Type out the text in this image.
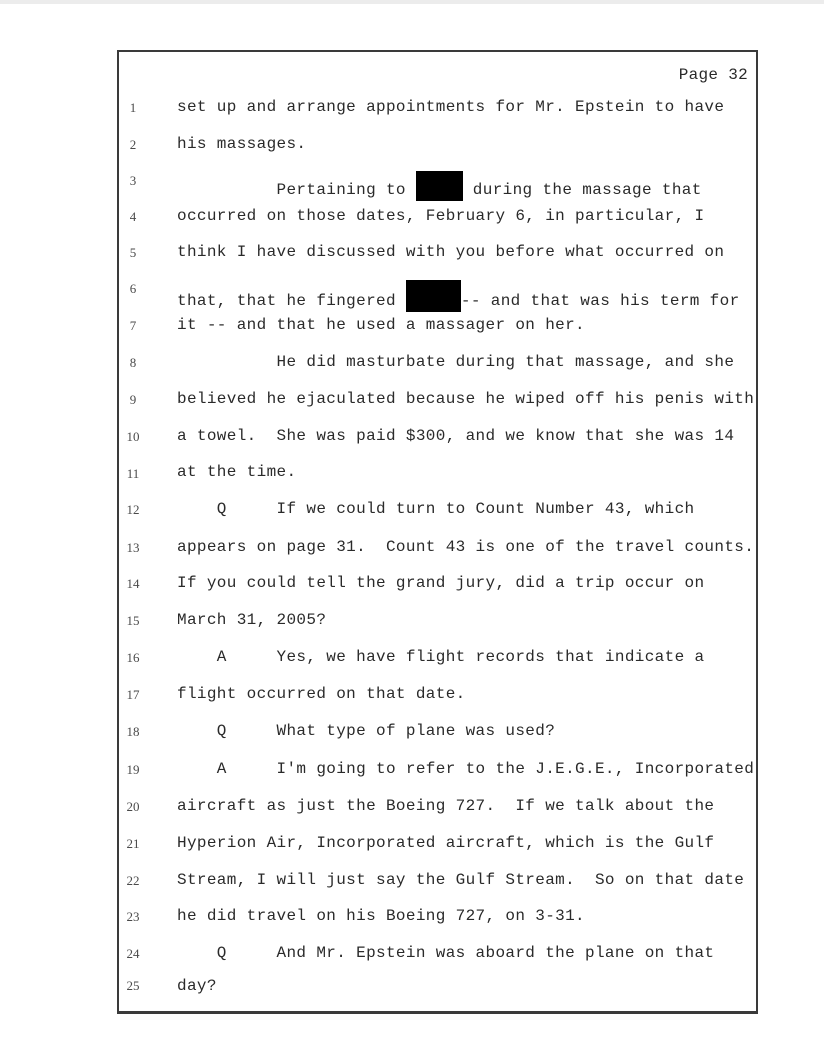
Page 32
1
2
3
4
5
6
7
8
9
10
11
12
13
14
15
16
17
18
19
20
21
22
23
24
25
set up and arrange appointments for Mr. Epstein to have
his massages.
Pertaining to	during the massage that
occurred on those dates, February 6, in particular, I
think I have discussed with you before what occurred on
that, that he fingered	-- and that was his term for
it -- and that he used a massager on her.
He did masturbate during that massage, and she
believed he ejaculated because he wiped off his penis with
a towel.  She was paid $300, and we know that she was 14
at the time.
Q     If we could turn to Count Number 43, which
appears on page 31.  Count 43 is one of the travel counts.
If you could tell the grand jury, did a trip occur on
March 31, 2005?
A     Yes, we have flight records that indicate a
flight occurred on that date.
Q     What type of plane was used?
A     I'm going to refer to the J.E.G.E., Incorporated
aircraft as just the Boeing 727.  If we talk about the
Hyperion Air, Incorporated aircraft, which is the Gulf
Stream, I will just say the Gulf Stream.  So on that date
he did travel on his Boeing 727, on 3-31.
Q     And Mr. Epstein was aboard the plane on that
day?
